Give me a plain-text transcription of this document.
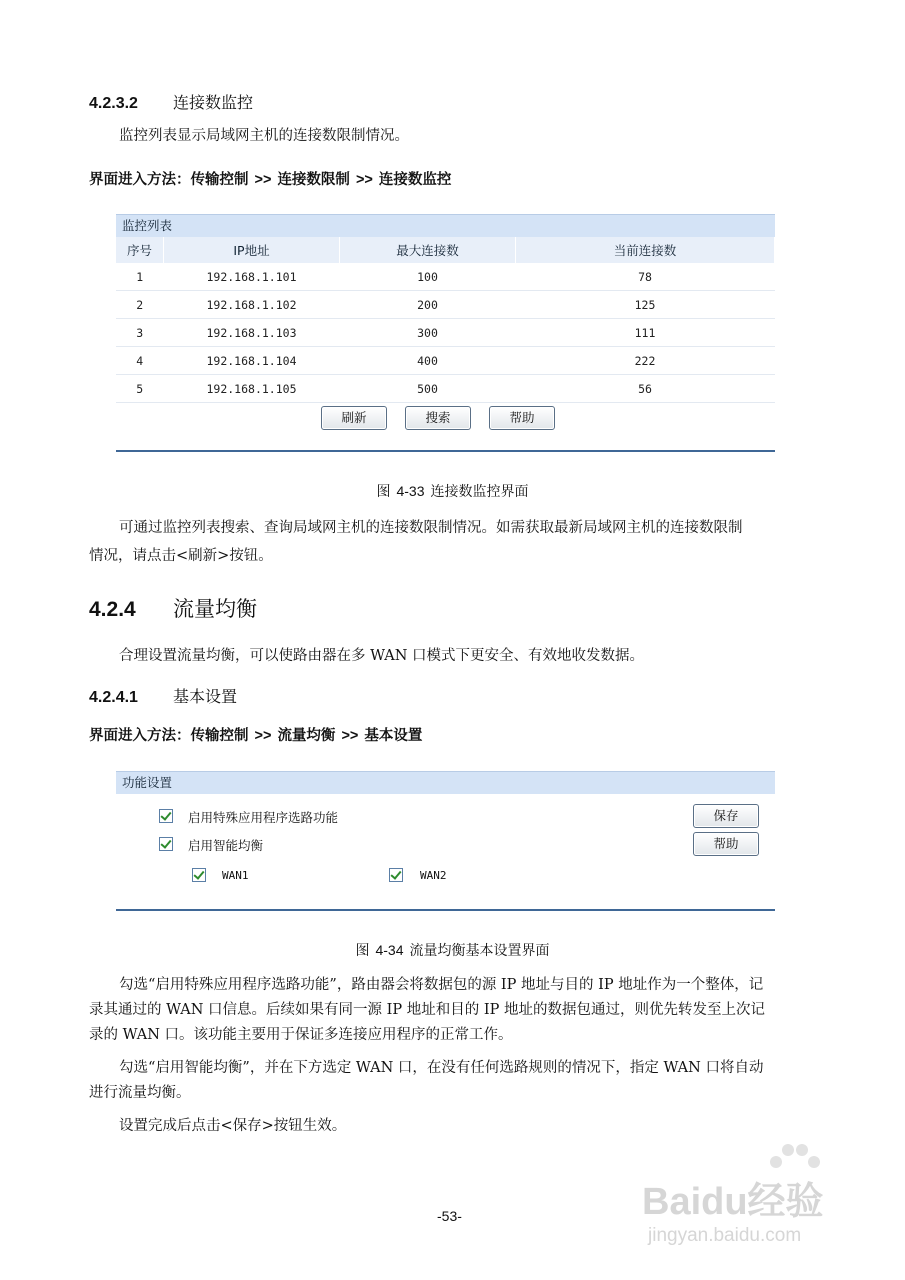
4.2.3.2 连接数监控
监控列表显示局域网主机的连接数限制情况。
界面进入方法：传输控制 >> 连接数限制 >> 连接数监控
监控列表
序号	IP地址	最大连接数	当前连接数
1	192.168.1.101	100	78
2	192.168.1.102	200	125
3	192.168.1.103	300	111
4	192.168.1.104	400	222
5	192.168.1.105	500	56
刷新	搜索	帮助
图 4-33 连接数监控界面
可通过监控列表搜索、查询局域网主机的连接数限制情况。如需获取最新局域网主机的连接数限制
情况，请点击<刷新>按钮。
4.2.4 流量均衡
合理设置流量均衡，可以使路由器在多 WAN 口模式下更安全、有效地收发数据。
4.2.4.1 基本设置
界面进入方法：传输控制 >> 流量均衡 >> 基本设置
功能设置
启用特殊应用程序选路功能
启用智能均衡
WAN1	WAN2
保存
帮助
图 4-34 流量均衡基本设置界面
勾选“启用特殊应用程序选路功能”，路由器会将数据包的源 IP 地址与目的 IP 地址作为一个整体，记
录其通过的 WAN 口信息。后续如果有同一源 IP 地址和目的 IP 地址的数据包通过，则优先转发至上次记
录的 WAN 口。该功能主要用于保证多连接应用程序的正常工作。
勾选“启用智能均衡”，并在下方选定 WAN 口，在没有任何选路规则的情况下，指定 WAN 口将自动
进行流量均衡。
设置完成后点击<保存>按钮生效。
-53-	Baidu经验
jingyan.baidu.com
